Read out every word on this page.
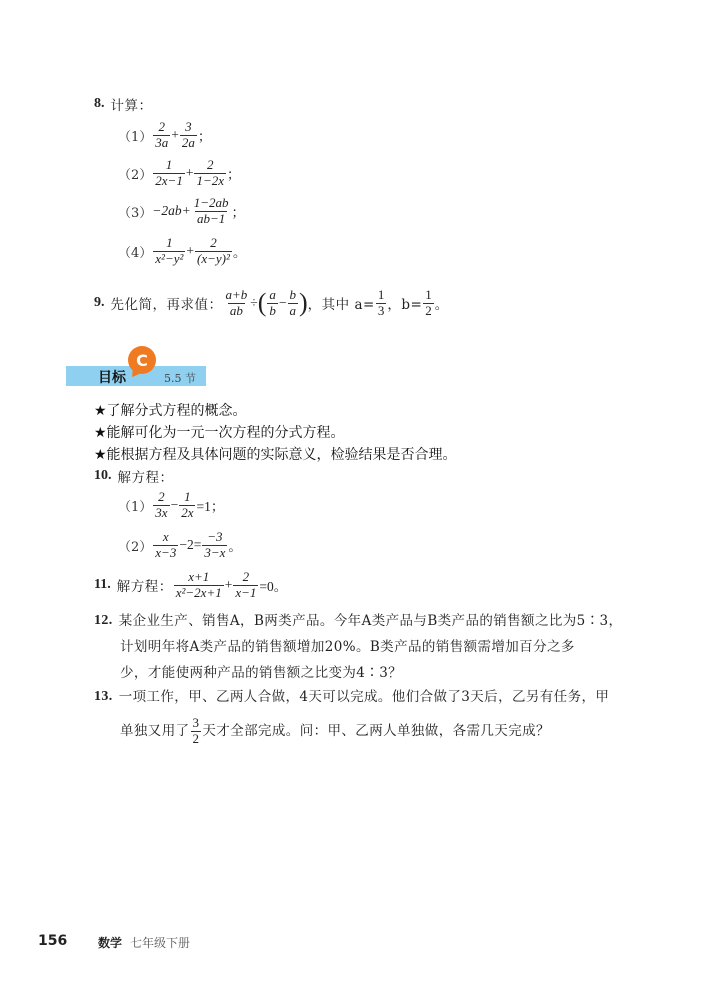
8. 计算：
$(1) \frac{2}{3a} + \frac{3}{2a}$ ；
$(2) \frac{1}{2x-1} + \frac{2}{1-2x}$ ；
$(3) -2ab+ \frac{1-2ab}{ab-1}$ ；
$(4) \frac{1}{\text{x²−y²}} + \frac{2}{\text{(x−y)²}}$ 。
9. 先化简，再求值： $\frac{a+b}{ab}$ ÷ ( $\frac{a}{b} - \frac{b}{a}$ ) ，其中 $a= \frac{1}{3}$ ，$b= \frac{1}{2}$ 。
C
目标	5.5 节
★了解分式方程的概念。
★能解可化为一元一次方程的分式方程。
★能根据方程及具体问题的实际意义，检验结果是否合理。
10. 解方程：
$(1) \frac{2}{3x} - \frac{1}{2x} =1$；
$(2) \frac{x}{x-3} -2= \frac{-3}{3-x}$ 。
11. 解方程： $\frac{x+1}{\text{x²−2x+1}} + \frac{2}{x-1} =0$。
12. 某企业生产、销售A，B两类产品。今年A类产品与B类产品的销售额之比为5∶3，
计划明年将A类产品的销售额增加20%。B类产品的销售额需增加百分之多
少，才能使两种产品的销售额之比变为4∶3？
13. 一项工作，甲、乙两人合做，4天可以完成。他们合做了3天后，乙另有任务，甲
单独又用了 $\frac{3}{2}$ 天才全部完成。问：甲、乙两人单独做，各需几天完成？
156	数学 七年级下册
